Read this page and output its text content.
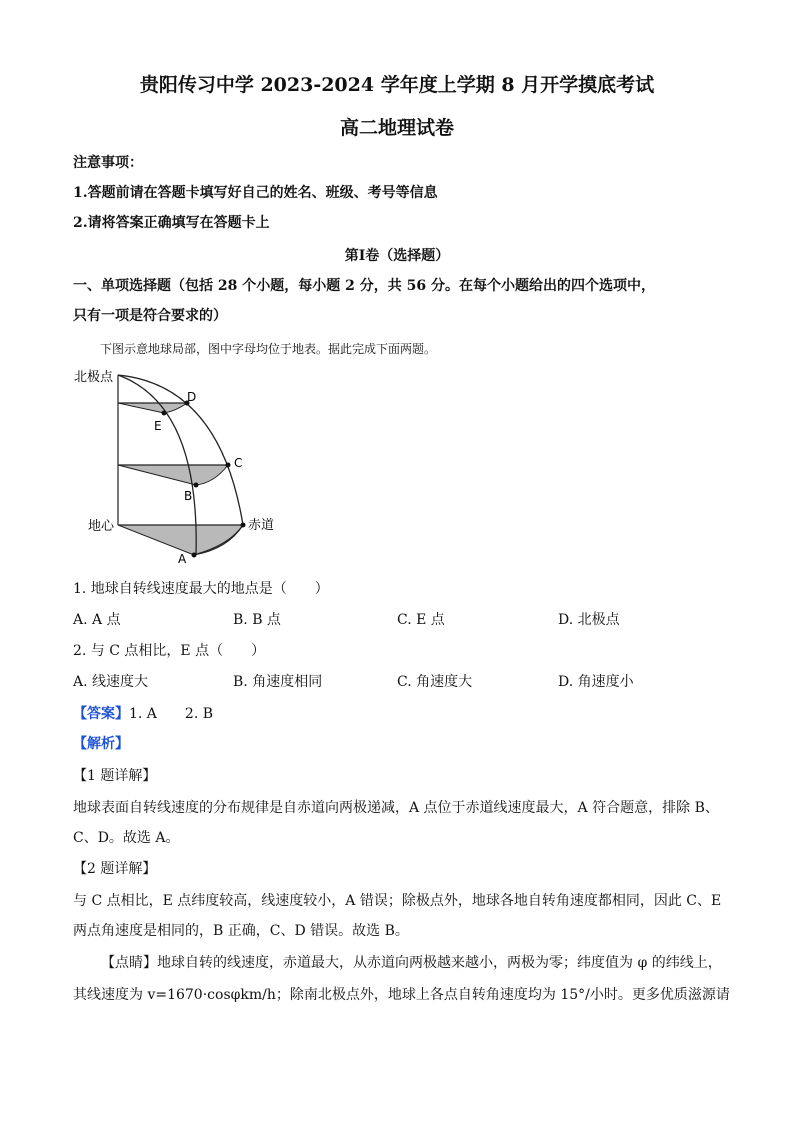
贵阳传习中学 2023-2024 学年度上学期 8 月开学摸底考试
高二地理试卷
注意事项：
1.答题前请在答题卡填写好自己的姓名、班级、考号等信息
2.请将答案正确填写在答题卡上
第Ⅰ卷（选择题）
一、单项选择题（包括 28 个小题，每小题 2 分，共 56 分。在每个小题给出的四个选项中，
只有一项是符合要求的）
下图示意地球局部，图中字母均位于地表。据此完成下面两题。
北极点
地心	赤道
D
E
C
B
A
1. 地球自转线速度最大的地点是（　　）
A. A 点	B. B 点	C. E 点	D. 北极点
2. 与 C 点相比，E 点（　　）
A. 线速度大	B. 角速度相同	C. 角速度大	D. 角速度小
【答案】1. A　　2. B
【解析】
【1 题详解】
地球表面自转线速度的分布规律是自赤道向两极递减，A 点位于赤道线速度最大，A 符合题意，排除 B、
C、D。故选 A。
【2 题详解】
与 C 点相比，E 点纬度较高，线速度较小，A 错误；除极点外，地球各地自转角速度都相同，因此 C、E
两点角速度是相同的，B 正确，C、D 错误。故选 B。
【点睛】地球自转的线速度，赤道最大，从赤道向两极越来越小，两极为零；纬度值为 φ 的纬线上，
其线速度为 v=1670·cosφkm/h；除南北极点外，地球上各点自转角速度均为 15°/小时。更多优质滋源请
